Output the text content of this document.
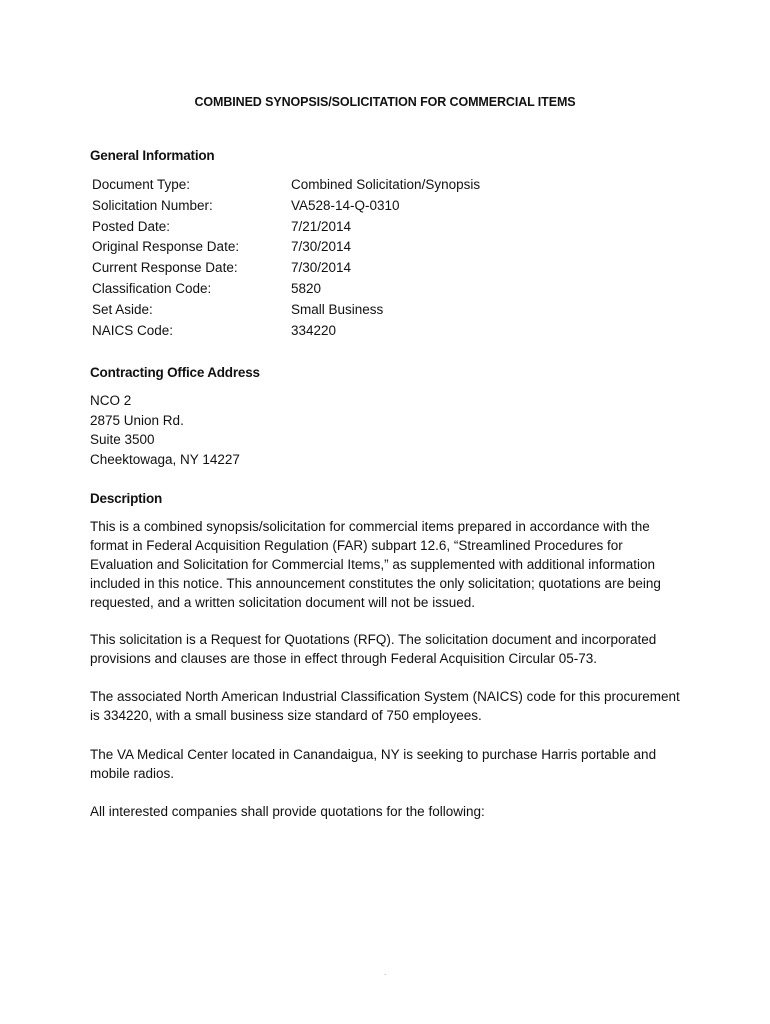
COMBINED SYNOPSIS/SOLICITATION FOR COMMERCIAL ITEMS
General Information
Document Type:	Combined Solicitation/Synopsis
Solicitation Number:	VA528-14-Q-0310
Posted Date:	7/21/2014
Original Response Date:	7/30/2014
Current Response Date:	7/30/2014
Classification Code:	5820
Set Aside:	Small Business
NAICS Code:	334220
Contracting Office Address
NCO 2
2875 Union Rd.
Suite 3500
Cheektowaga, NY 14227
Description

This is a combined synopsis/solicitation for commercial items prepared in accordance with the format in Federal Acquisition Regulation (FAR) subpart 12.6, “Streamlined Procedures for Evaluation and Solicitation for Commercial Items,” as supplemented with additional information included in this notice. This announcement constitutes the only solicitation; quotations are being requested, and a written solicitation document will not be issued.

This solicitation is a Request for Quotations (RFQ). The solicitation document and incorporated provisions and clauses are those in effect through Federal Acquisition Circular 05-73.

The associated North American Industrial Classification System (NAICS) code for this procurement is 334220, with a small business size standard of 750 employees.

The VA Medical Center located in Canandaigua, NY is seeking to purchase Harris portable and mobile radios.

All interested companies shall provide quotations for the following:

.
